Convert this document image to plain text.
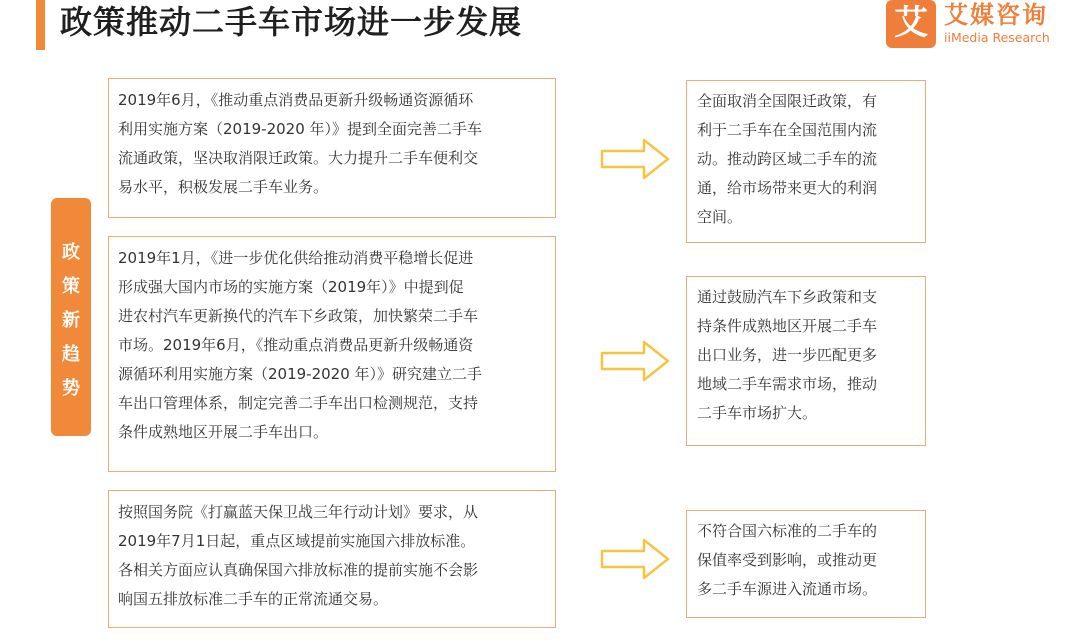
政策推动二手车市场进一步发展	艾 艾媒咨询
iiMedia Research
政
策
新
趋
势

2019年6月，《推动重点消费品更新升级畅通资源循环

利用实施方案（2019-2020 年）》提到全面完善二手车

流通政策，坚决取消限迁政策。大力提升二手车便利交

易水平，积极发展二手车业务。

全面取消全国限迁政策，有

利于二手车在全国范围内流

动。推动跨区域二手车的流

通，给市场带来更大的利润

空间。

2019年1月，《进一步优化供给推动消费平稳增长促进

形成强大国内市场的实施方案（2019年）》中提到促

进农村汽车更新换代的汽车下乡政策，加快繁荣二手车

市场。2019年6月，《推动重点消费品更新升级畅通资

源循环利用实施方案（2019-2020 年）》研究建立二手

车出口管理体系，制定完善二手车出口检测规范，支持

条件成熟地区开展二手车出口。

通过鼓励汽车下乡政策和支

持条件成熟地区开展二手车

出口业务，进一步匹配更多

地域二手车需求市场，推动

二手车市场扩大。

按照国务院《打赢蓝天保卫战三年行动计划》要求，从

2019年7月1日起，重点区域提前实施国六排放标准。

各相关方面应认真确保国六排放标准的提前实施不会影

响国五排放标准二手车的正常流通交易。

不符合国六标准的二手车的

保值率受到影响，或推动更

多二手车源进入流通市场。
